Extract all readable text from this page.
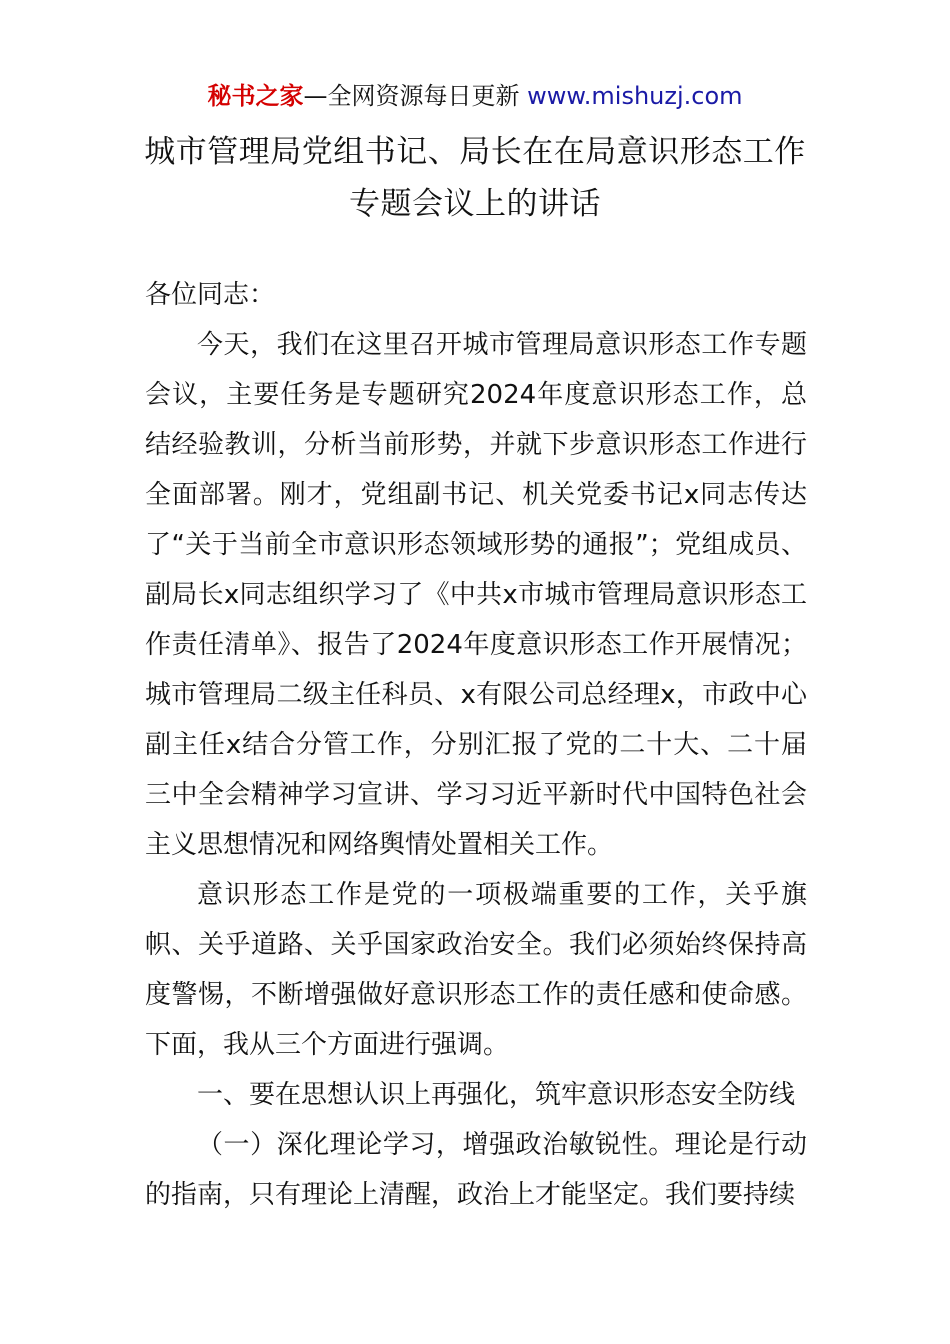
秘书之家—全网资源每日更新 www.mishuzj.com
城市管理局党组书记、局长在在局意识形态工作专题会议上的讲话

各位同志：

今天，我们在这里召开城市管理局意识形态工作专题会议，主要任务是专题研究2024年度意识形态工作，总结经验教训，分析当前形势，并就下步意识形态工作进行全面部署。刚才，党组副书记、机关党委书记x同志传达了“关于当前全市意识形态领域形势的通报”；党组成员、副局长x同志组织学习了《中共x市城市管理局意识形态工作责任清单》、报告了2024年度意识形态工作开展情况；城市管理局二级主任科员、x有限公司总经理x，市政中心副主任x结合分管工作，分别汇报了党的二十大、二十届三中全会精神学习宣讲、学习习近平新时代中国特色社会主义思想情况和网络舆情处置相关工作。

意识形态工作是党的一项极端重要的工作，关乎旗帜、关乎道路、关乎国家政治安全。我们必须始终保持高度警惕，不断增强做好意识形态工作的责任感和使命感。下面，我从三个方面进行强调。

一、要在思想认识上再强化，筑牢意识形态安全防线

（一）深化理论学习，增强政治敏锐性。理论是行动的指南，只有理论上清醒，政治上才能坚定。我们要持续
